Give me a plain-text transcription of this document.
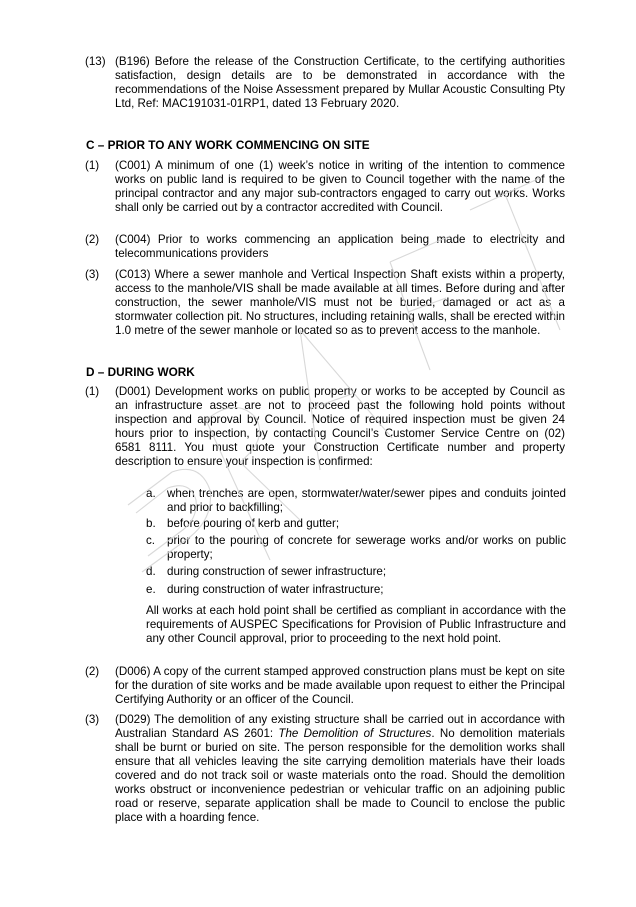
(13) (B196) Before the release of the Construction Certificate, to the certifying authorities satisfaction, design details are to be demonstrated in accordance with the recommendations of the Noise Assessment prepared by Mullar Acoustic Consulting Pty Ltd, Ref: MAC191031-01RP1, dated 13 February 2020.
C – PRIOR TO ANY WORK COMMENCING ON SITE
(1) (C001) A minimum of one (1) week’s notice in writing of the intention to commence works on public land is required to be given to Council together with the name of the principal contractor and any major sub-contractors engaged to carry out works. Works shall only be carried out by a contractor accredited with Council.
(2) (C004) Prior to works commencing an application being made to electricity and telecommunications providers
(3) (C013) Where a sewer manhole and Vertical Inspection Shaft exists within a property, access to the manhole/VIS shall be made available at all times. Before during and after construction, the sewer manhole/VIS must not be buried, damaged or act as a stormwater collection pit. No structures, including retaining walls, shall be erected within 1.0 metre of the sewer manhole or located so as to prevent access to the manhole.
D – DURING WORK
(1) (D001) Development works on public property or works to be accepted by Council as an infrastructure asset are not to proceed past the following hold points without inspection and approval by Council. Notice of required inspection must be given 24 hours prior to inspection, by contacting Council’s Customer Service Centre on (02) 6581 8111. You must quote your Construction Certificate number and property description to ensure your inspection is confirmed:
a. when trenches are open, stormwater/water/sewer pipes and conduits jointed and prior to backfilling;
b. before pouring of kerb and gutter;
c. prior to the pouring of concrete for sewerage works and/or works on public property;
d. during construction of sewer infrastructure;
e. during construction of water infrastructure;
All works at each hold point shall be certified as compliant in accordance with the requirements of AUSPEC Specifications for Provision of Public Infrastructure and any other Council approval, prior to proceeding to the next hold point.
(2) (D006) A copy of the current stamped approved construction plans must be kept on site for the duration of site works and be made available upon request to either the Principal Certifying Authority or an officer of the Council.
(3) (D029) The demolition of any existing structure shall be carried out in accordance with Australian Standard AS 2601: The Demolition of Structures. No demolition materials shall be burnt or buried on site. The person responsible for the demolition works shall ensure that all vehicles leaving the site carrying demolition materials have their loads covered and do not track soil or waste materials onto the road. Should the demolition works obstruct or inconvenience pedestrian or vehicular traffic on an adjoining public road or reserve, separate application shall be made to Council to enclose the public place with a hoarding fence.
